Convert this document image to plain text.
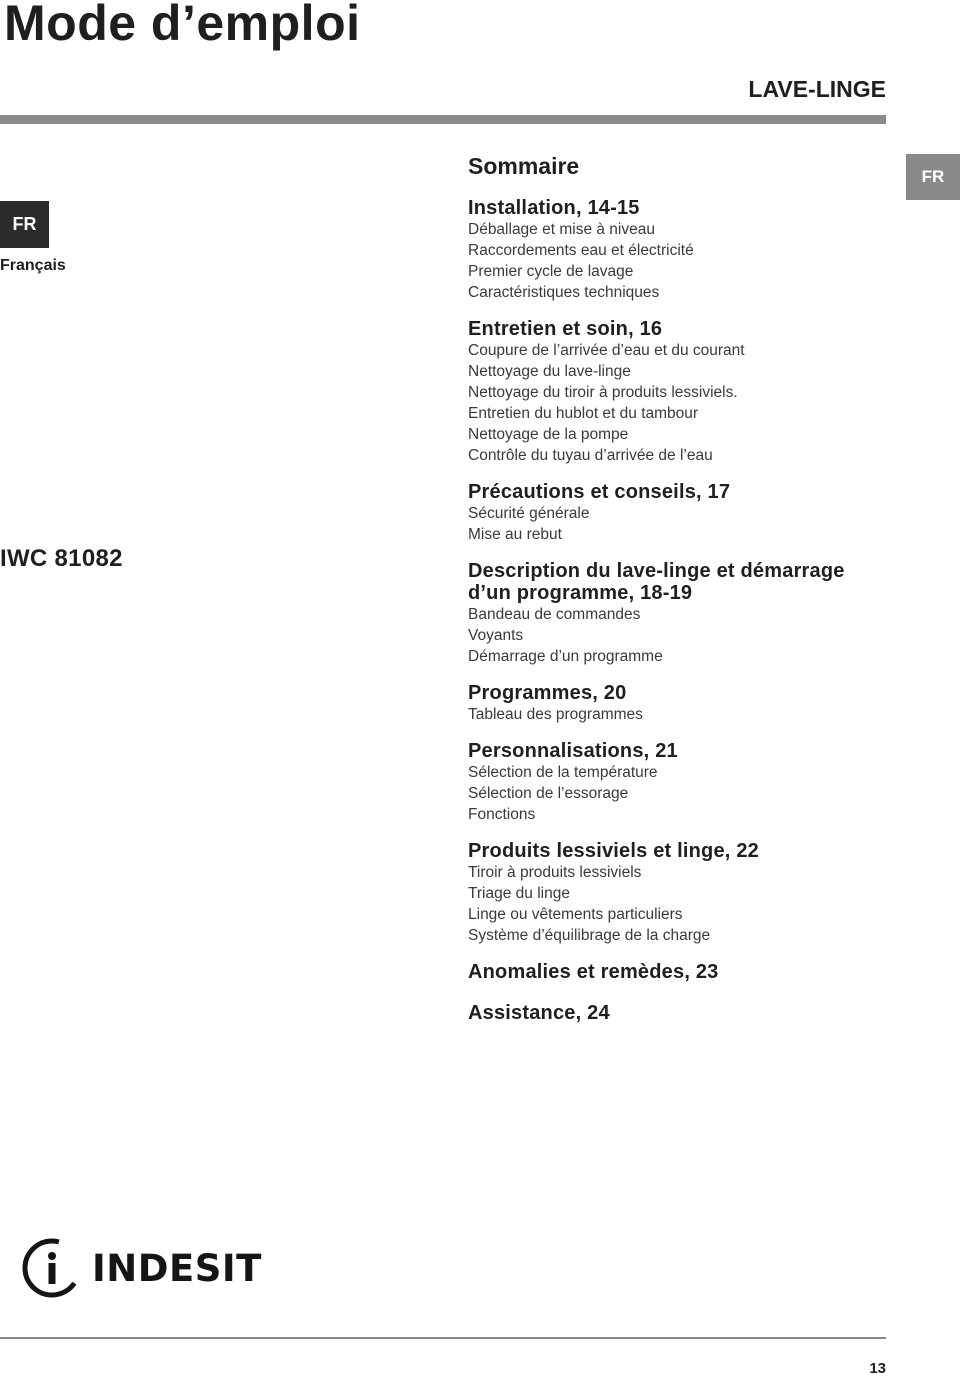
Mode d’emploi
LAVE-LINGE
FR
FR
Français
IWC 81082
Sommaire
Installation, 14-15
Déballage et mise à niveau
Raccordements eau et électricité
Premier cycle de lavage
Caractéristiques techniques
Entretien et soin, 16
Coupure de l’arrivée d’eau et du courant
Nettoyage du lave-linge
Nettoyage du tiroir à produits lessiviels.
Entretien du hublot et du tambour
Nettoyage de la pompe
Contrôle du tuyau d’arrivée de l’eau
Précautions et conseils, 17
Sécurité générale
Mise au rebut
Description du lave-linge et démarrage
d’un programme, 18-19
Bandeau de commandes
Voyants
Démarrage d’un programme
Programmes, 20
Tableau des programmes
Personnalisations, 21
Sélection de la température
Sélection de l’essorage
Fonctions
Produits lessiviels et linge, 22
Tiroir à produits lessiviels
Triage du linge
Linge ou vêtements particuliers
Système d’équilibrage de la charge
Anomalies et remèdes, 23
Assistance, 24
INDESIT
13
